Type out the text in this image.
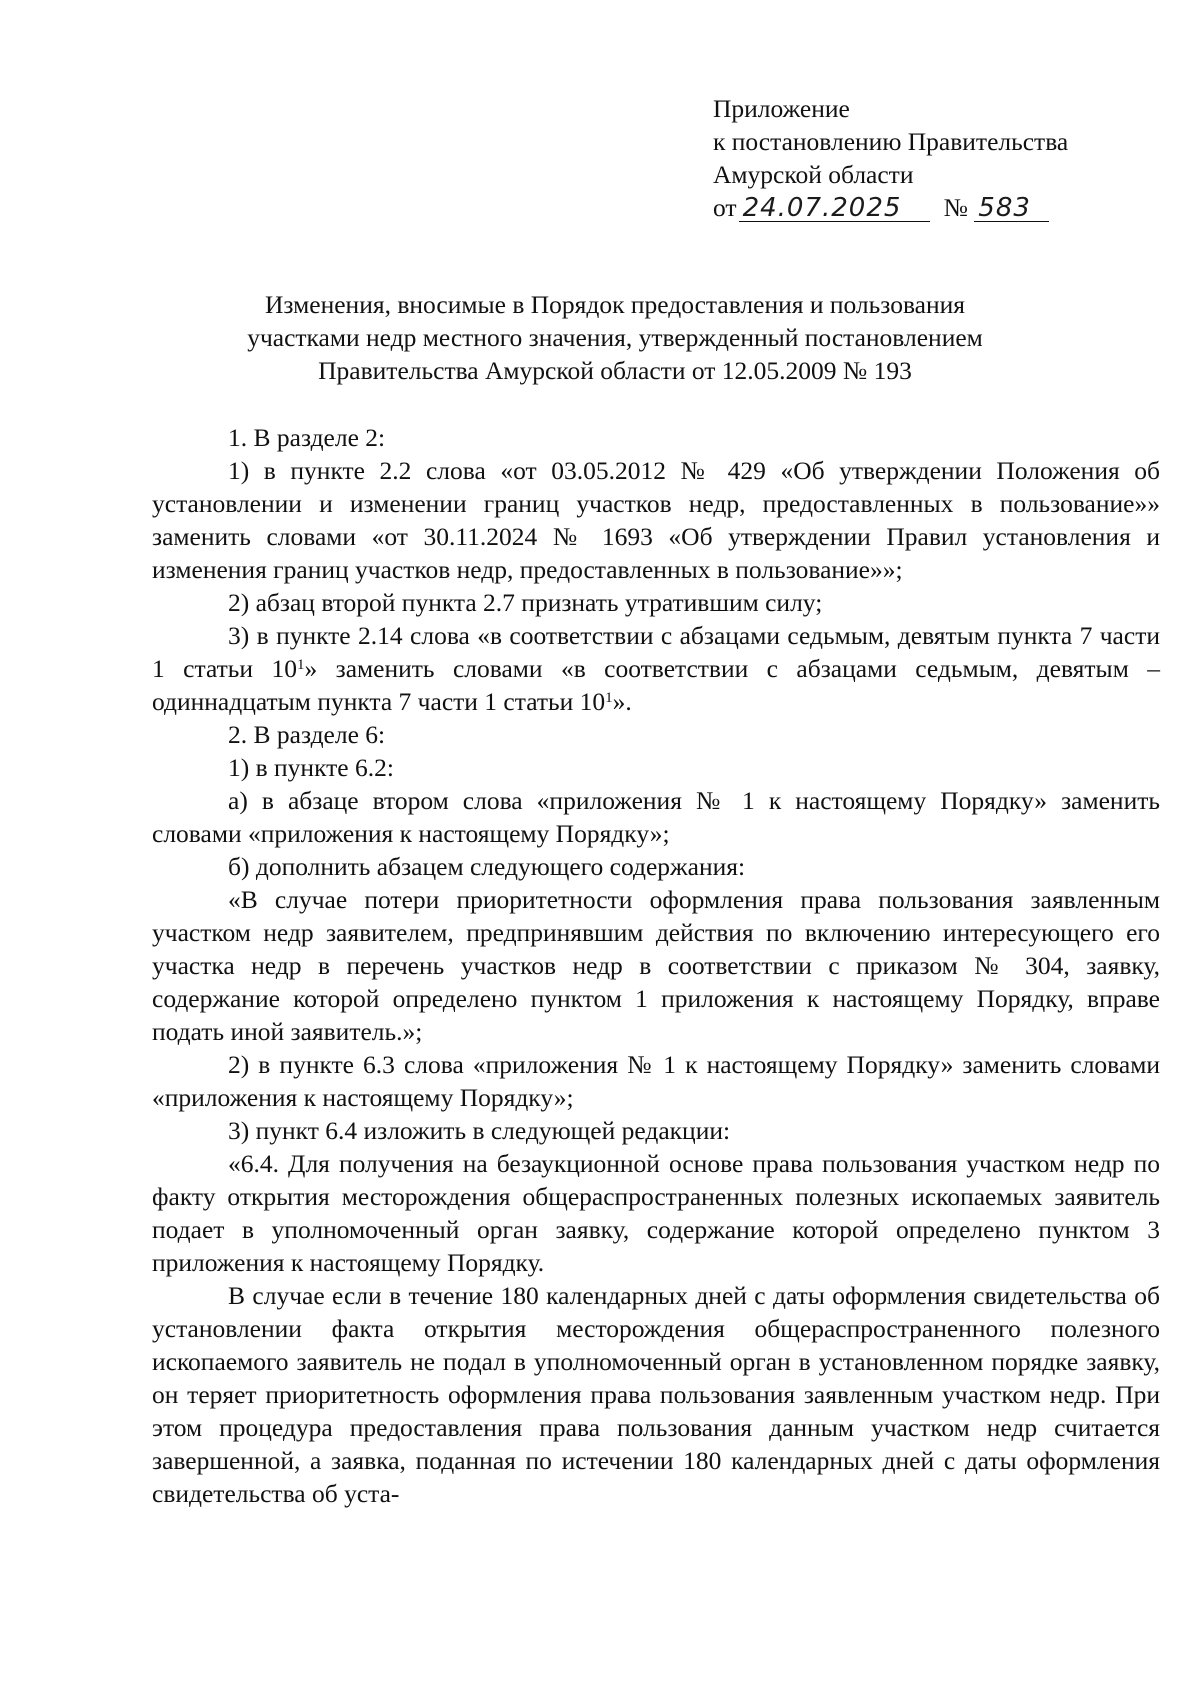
Приложение
к постановлению Правительства
Амурской области
от 24.07.2025 № 583
Изменения, вносимые в Порядок предоставления и пользования
участками недр местного значения, утвержденный постановлением
Правительства Амурской области от 12.05.2009 № 193

1. В разделе 2:

1) в пункте 2.2 слова «от 03.05.2012 № 429 «Об утверждении Положения об установлении и изменении границ участков недр, предоставленных в пользование»» заменить словами «от 30.11.2024 № 1693 «Об утверждении Правил установления и изменения границ участков недр, предоставленных в пользование»»;

2) абзац второй пункта 2.7 признать утратившим силу;

3) в пункте 2.14 слова «в соответствии с абзацами седьмым, девятым пункта 7 части 1 статьи $10^1$» заменить словами «в соответствии с абзацами седьмым, девятым – одиннадцатым пункта 7 части 1 статьи $10^1$».

2. В разделе 6:

1) в пункте 6.2:

а) в абзаце втором слова «приложения № 1 к настоящему Порядку» заменить словами «приложения к настоящему Порядку»;

б) дополнить абзацем следующего содержания:

«В случае потери приоритетности оформления права пользования заявленным участком недр заявителем, предпринявшим действия по включению интересующего его участка недр в перечень участков недр в соответствии с приказом № 304, заявку, содержание которой определено пунктом 1 приложения к настоящему Порядку, вправе подать иной заявитель.»;

2) в пункте 6.3 слова «приложения № 1 к настоящему Порядку» заменить словами «приложения к настоящему Порядку»;

3) пункт 6.4 изложить в следующей редакции:

«6.4. Для получения на безаукционной основе права пользования участком недр по факту открытия месторождения общераспространенных полезных ископаемых заявитель подает в уполномоченный орган заявку, содержание которой определено пунктом 3 приложения к настоящему Порядку.

В случае если в течение 180 календарных дней с даты оформления свидетельства об установлении факта открытия месторождения общераспространенного полезного ископаемого заявитель не подал в уполномоченный орган в установленном порядке заявку, он теряет приоритетность оформления права пользования заявленным участком недр. При этом процедура предоставления права пользования данным участком недр считается завершенной, а заявка, поданная по истечении 180 календарных дней с даты оформления свидетельства об уста-
